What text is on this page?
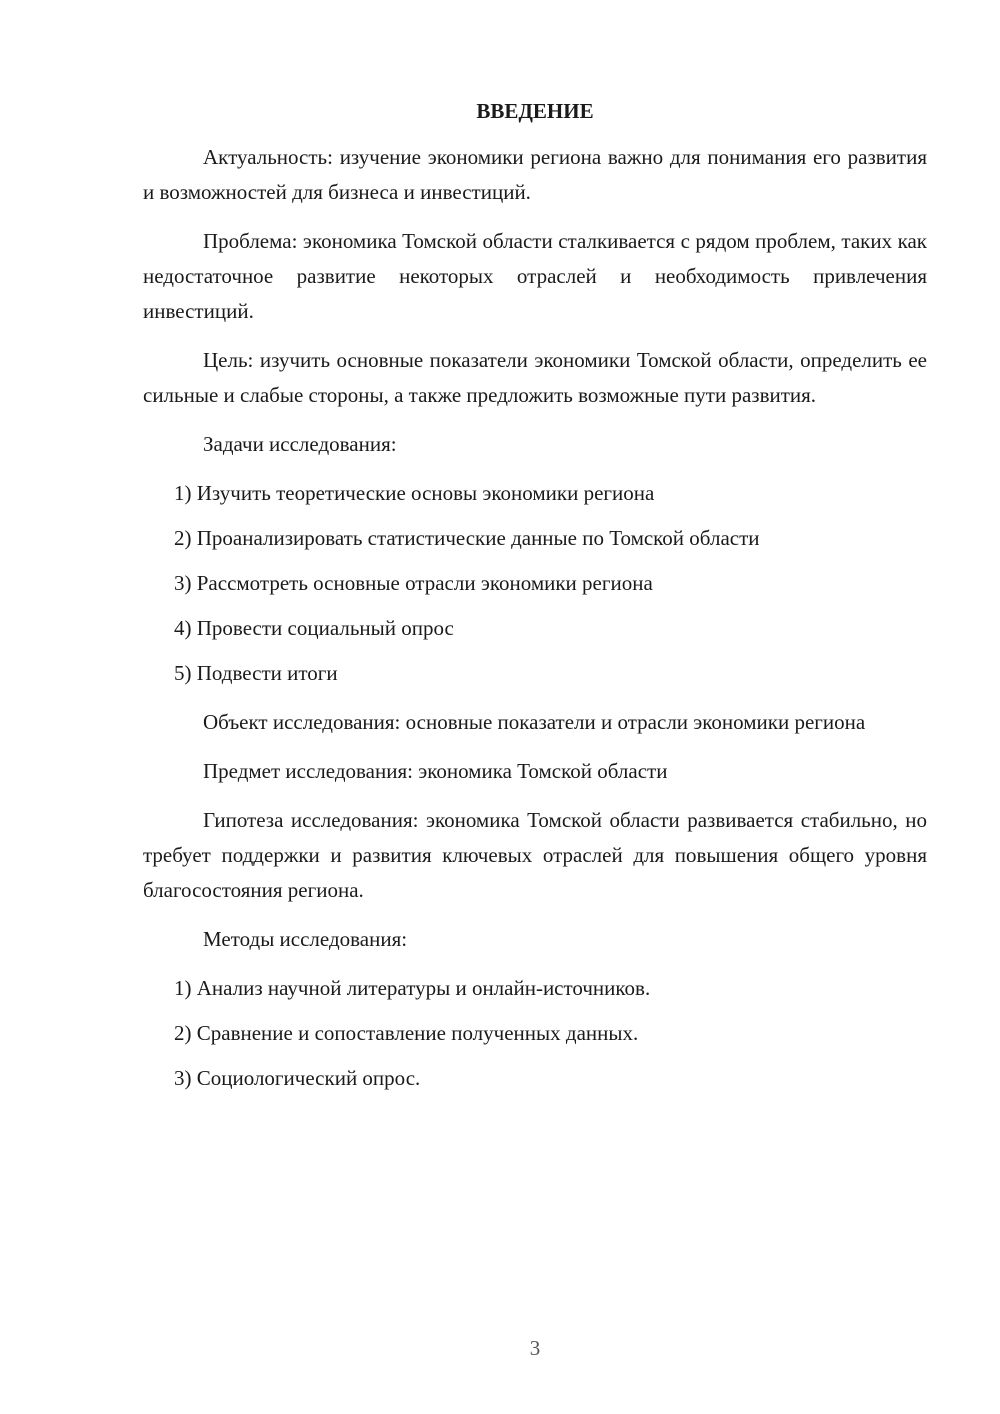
ВВЕДЕНИЕ

Актуальность: изучение экономики региона важно для понимания его развития и возможностей для бизнеса и инвестиций.

Проблема: экономика Томской области сталкивается с рядом проблем, таких как недостаточное развитие некоторых отраслей и необходимость привлечения инвестиций.

Цель: изучить основные показатели экономики Томской области, определить ее сильные и слабые стороны, а также предложить возможные пути развития.

Задачи исследования:

1) Изучить теоретические основы экономики региона
2) Проанализировать статистические данные по Томской области
3) Рассмотреть основные отрасли экономики региона
4) Провести социальный опрос
5) Подвести итоги

Объект исследования: основные показатели и отрасли экономики региона

Предмет исследования: экономика Томской области

Гипотеза исследования: экономика Томской области развивается стабильно, но требует поддержки и развития ключевых отраслей для повышения общего уровня благосостояния региона.

Методы исследования:

1) Анализ научной литературы и онлайн-источников.
2) Сравнение и сопоставление полученных данных.
3) Социологический опрос.
3
